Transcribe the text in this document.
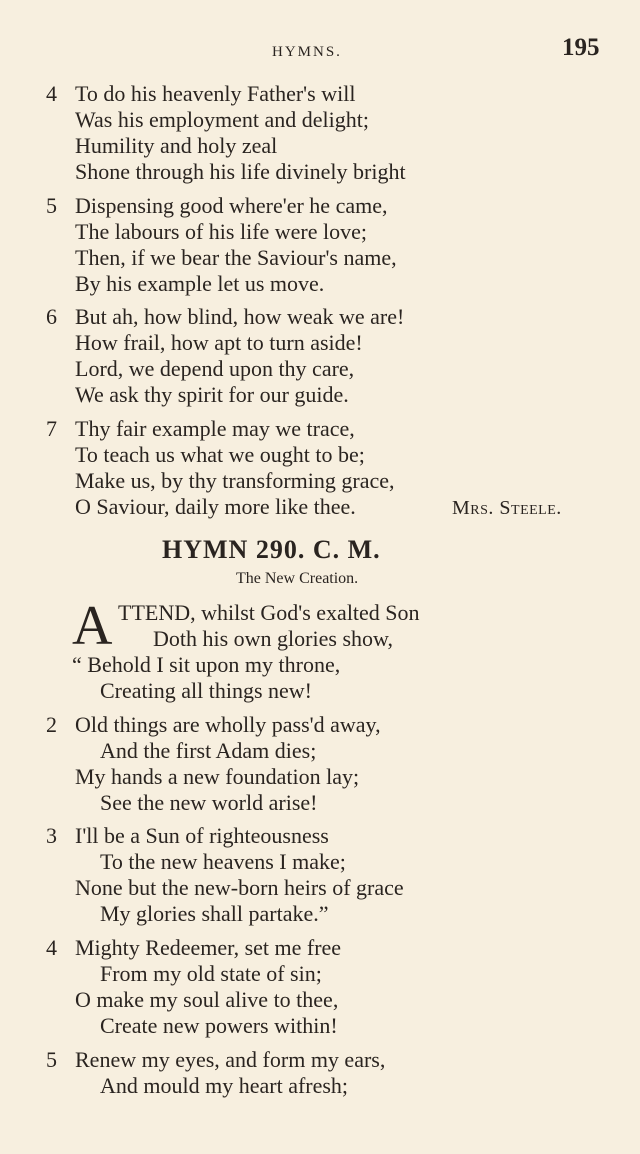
HYMNS.	195
4 To do his heavenly Father's will
Was his employment and delight;
Humility and holy zeal
Shone through his life divinely bright
5 Dispensing good where'er he came,
The labours of his life were love;
Then, if we bear the Saviour's name,
By his example let us move.
6 But ah, how blind, how weak we are!
How frail, how apt to turn aside!
Lord, we depend upon thy care,
We ask thy spirit for our guide.
7 Thy fair example may we trace,
To teach us what we ought to be;
Make us, by thy transforming grace,
O Saviour, daily more like thee.	Mrs. Steele.
HYMN 290. C. M.
The New Creation.
A TTEND, whilst God's exalted Son
Doth his own glories show,
“ Behold I sit upon my throne,
Creating all things new!
2 Old things are wholly pass'd away,
And the first Adam dies;
My hands a new foundation lay;
See the new world arise!
3 I'll be a Sun of righteousness
To the new heavens I make;
None but the new-born heirs of grace
My glories shall partake.”
4 Mighty Redeemer, set me free
From my old state of sin;
O make my soul alive to thee,
Create new powers within!
5 Renew my eyes, and form my ears,
And mould my heart afresh;
